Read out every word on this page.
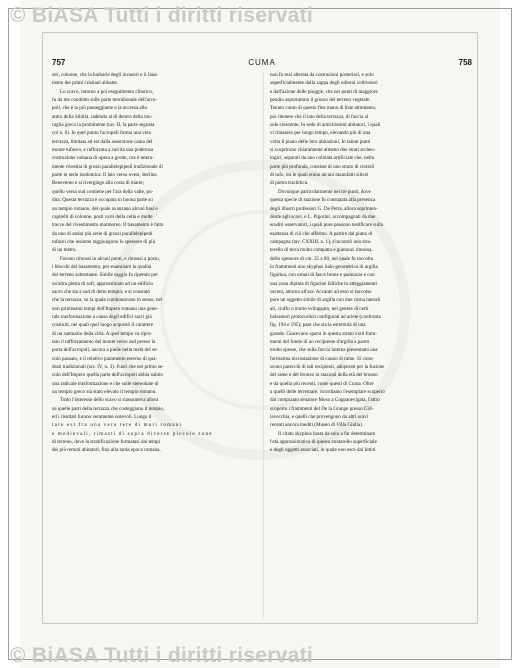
© BiASA Tutti i diritti riservati
© BiASA Tutti i diritti riservati
757	CUMA	758
stri, colonne, che la barbarie degli invasori e il fana-
tismo dei primi cristiani abbatte.
Lo scavo, intorno a poi eseguimento ciborico,
fu da me condotto sulle parte meridionale dell'acro-
poli, che è la più passeggiante e la accessa alla
antro della Sibilla, radendo al di dentro della mu-
raglia greca la prominente (tav. II, la parte segnata
col n. 6). In quel punto l'acropoli forma una vera
terrazza, limitata ad est dalla asserzione canta del
monte tufaceo, e rafforzata a sud da una poderosa
costruzione romana di opera a grotte, ora è intera-
mente rivestita di grossi parallelepipedi tradizionale di
parte in serie isodomica. Il lato verso ovest, declina
Benevento e si riverginge alla costa di marte;
quello verso sud contiene per l'ara della valle, pu-
dita. Questa terrazza è occupata in buona parte su
un tempio romano, del quale avanzano alcuni basi e
capitelli di colonne, posti varii della cella e molte
tracce del rivestimento marmoreo. Il basamento è fatto
da uno di andar più serie di grossi parallelepipedi
tufacei che insieme raggiungono lo spessore di più
di un metro.
Furono rimossi in alcuni punti, e rimossi a posto,
i blocchi del basamento, per esaminare la qualità
del terreno sottostante. Simile saggio fu ripetuto per
un'altra pietra di sofi, approssimato ad un edificio
sacro che sta a sud di detto tempio; e si constatò
che la terrazza, su la quale cumbonavano in senso, nel
non primissimi tempi dell'Impero romano una gene-
rale trasformazione a causa degli edifici sacri già
costruiti, nei quali quel luogo acquistò il carattere
di un santuario della città. A quel tempo va ripor-
tato il rafforzamento del monte verso sud presso la
porta dell'acropoli, ancora a piede nella metà del se-
colo passato, e il relativo paramento esterno di qua-
drati tradizionali (tav. IV, n. 3). Fuori che nel primo se-
colo dell'Impero quella parte dell'acropoli abbia subito
una radicale trasformazione e che sulle stereobate di
un tempio greco sia stato elevato il tempio romano.
Tutto l'interesse dello scavo si riassumeva allora
su quelle parti della terrazza che costeggiano il tempio,
ed i risultati furono veramente notevoli. Lungo il
lato est fra una vera rete di muri romani
e medievali, rimasti di sopra diverse piccole zone
di terreno, dove la stratificazione formatasi dai tempi
dei più remoti abitatori, fino alla tarda epoca romana,
non fu mai alterata da costruzioni posteriori, e solo
superficialmente dalla zappa degli odierni coltivatori
e dall'azione delle pioggie, che nei punti di maggiore
pendio asportarono il grosso del terreno vegetale.
Tenuto conto di questo fine mano di liste altrettanto,
poi ritenere che il lato della terrazza, di faccia al
sole crescente, fu sede di antichissimi abitatori, i quali
vi rimasero per lungo tempo, elevando più di una
volta il piano delle loro abitazioni. In taluni punti
si scoprirono chiaramente almeno due strati archeo-
logici, separati da uno colmata artificiale che, nella
parte più profonda, consiste di uno strato di ciottoli
di tufo, tra le quali erano alcuni manufatti silicei
di pietra trachitica.
Dovunque particolarmente nei tre punti, dove
questa specie di stazione fu constatata alla presenza
degli illustri professori G. De Petra, allora soprinten-
dente agli scavi, e L. Pigorini, accompagnati da due
eruditi osservatori, i quali pure possono testificare sulla
esattezza di ciò che affermo. A partire dal piano di
campagna (tav. CXXIII, n. 1), s'incontrò uno stra-
terello di terra molto compatta e giannuzi rimossa,
dello spessore di cm. 35 a 80, nel quale fu raccolto
in frammenti uno skyphos italo-geometrico di argilla
figulina, con ornati di fasce brune e paonazze e con
una zona dipinta di figurine falliche in atteggiamenti
osceni, attorno all'ara. Accanto ad esso si raccolse
pure un oggetto simile di argilla con due corna laterali
ali, ciuffo o molto sviluppato, nel genere di certi
balsamari protocorinzi configurati ad ariete (confronta
fig. 194 e 195); pare che sia la estremità di una
grande. Giacevano sparsi in questo strato varii fram-
menti del fondo di un recipiente d'argilla a pareti
molto spesse, che sulla faccia interna presentano una
fortissima incrostazione di cassio di rame. Si cono-
scono parecchi di tali recipienti, adoperati per la fusione
del rame e del bronzo in stazioni della età del bronzo
e da quella più recenti, come questi di Cuma. Oltre
a quelli delle terremare, ricordiamo l'esemplare scoperto
dal compianto senatore Moso a Coppanevigata, l'altro
scoperto i frammenti del De la Grange presso Cirì-
lavecchia, e quelli che provengono da altri scavi
recenti ancora inediti (Museo di Villa Giulia).
Il citato skyphos basta da solo a far determinare
l'età approssimativa di questo stratarello superficiale
e degli oggetti associati, in quale non esce dai limiti
